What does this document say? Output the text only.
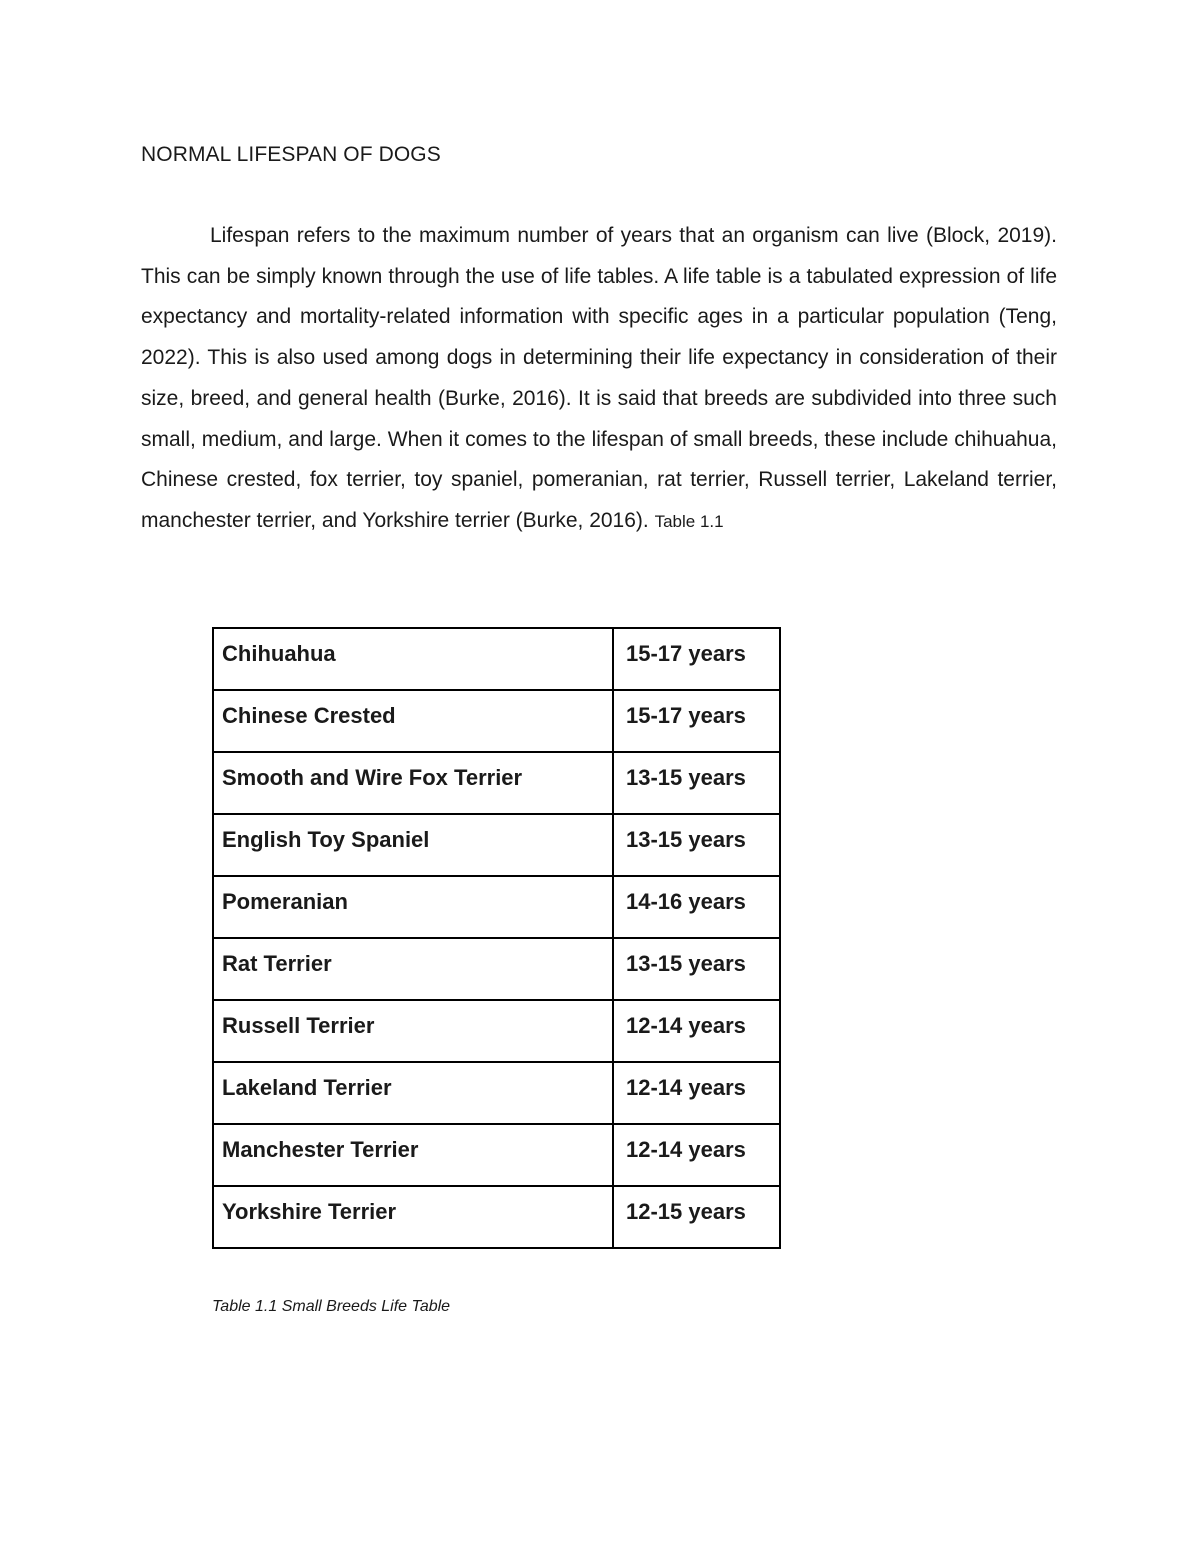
NORMAL LIFESPAN OF DOGS

Lifespan refers to the maximum number of years that an organism can live (Block, 2019). This can be simply known through the use of life tables. A life table is a tabulated expression of life expectancy and mortality-related information with specific ages in a particular population (Teng, 2022). This is also used among dogs in determining their life expectancy in consideration of their size, breed, and general health (Burke, 2016). It is said that breeds are subdivided into three such small, medium, and large. When it comes to the lifespan of small breeds, these include chihuahua, Chinese crested, fox terrier, toy spaniel, pomeranian, rat terrier, Russell terrier, Lakeland terrier, manchester terrier, and Yorkshire terrier (Burke, 2016). Table 1.1

Chihuahua	15-17 years
Chinese Crested	15-17 years
Smooth and Wire Fox Terrier	13-15 years
English Toy Spaniel	13-15 years
Pomeranian	14-16 years
Rat Terrier	13-15 years
Russell Terrier	12-14 years
Lakeland Terrier	12-14 years
Manchester Terrier	12-14 years
Yorkshire Terrier	12-15 years

Table 1.1 Small Breeds Life Table
